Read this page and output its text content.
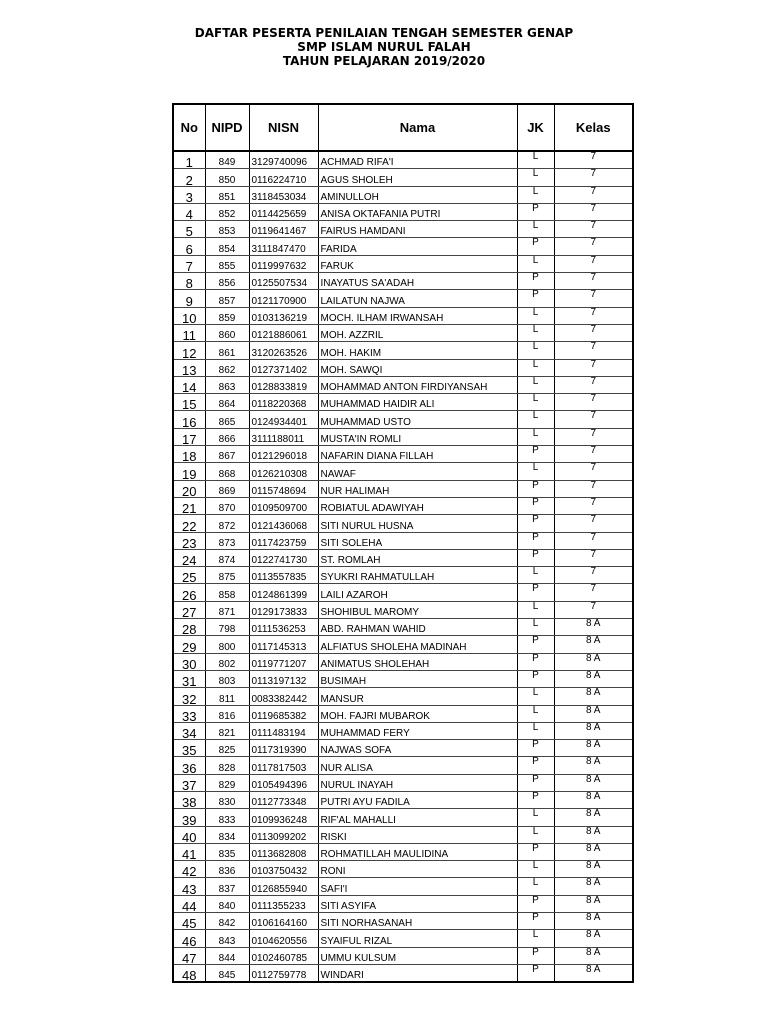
DAFTAR PESERTA PENILAIAN TENGAH SEMESTER GENAP
SMP ISLAM NURUL FALAH
TAHUN PELAJARAN 2019/2020
No	NIPD	NISN	Nama	JK	Kelas
1	849	3129740096	ACHMAD RIFA'I	L	7
2	850	0116224710	AGUS SHOLEH	L	7
3	851	3118453034	AMINULLOH	L	7
4	852	0114425659	ANISA OKTAFANIA PUTRI	P	7
5	853	0119641467	FAIRUS HAMDANI	L	7
6	854	3111847470	FARIDA	P	7
7	855	0119997632	FARUK	L	7
8	856	0125507534	INAYATUS SA'ADAH	P	7
9	857	0121170900	LAILATUN NAJWA	P	7
10	859	0103136219	MOCH. ILHAM IRWANSAH	L	7
11	860	0121886061	MOH. AZZRIL	L	7
12	861	3120263526	MOH. HAKIM	L	7
13	862	0127371402	MOH. SAWQI	L	7
14	863	0128833819	MOHAMMAD ANTON FIRDIYANSAH	L	7
15	864	0118220368	MUHAMMAD HAIDIR ALI	L	7
16	865	0124934401	MUHAMMAD USTO	L	7
17	866	3111188011	MUSTA'IN ROMLI	L	7
18	867	0121296018	NAFARIN DIANA FILLAH	P	7
19	868	0126210308	NAWAF	L	7
20	869	0115748694	NUR HALIMAH	P	7
21	870	0109509700	ROBIATUL ADAWIYAH	P	7
22	872	0121436068	SITI NURUL HUSNA	P	7
23	873	0117423759	SITI SOLEHA	P	7
24	874	0122741730	ST. ROMLAH	P	7
25	875	0113557835	SYUKRI RAHMATULLAH	L	7
26	858	0124861399	LAILI AZAROH	P	7
27	871	0129173833	SHOHIBUL MAROMY	L	7
28	798	0111536253	ABD. RAHMAN WAHID	L	8 A
29	800	0117145313	ALFIATUS SHOLEHA MADINAH	P	8 A
30	802	0119771207	ANIMATUS SHOLEHAH	P	8 A
31	803	0113197132	BUSIMAH	P	8 A
32	811	0083382442	MANSUR	L	8 A
33	816	0119685382	MOH. FAJRI MUBAROK	L	8 A
34	821	0111483194	MUHAMMAD FERY	L	8 A
35	825	0117319390	NAJWAS SOFA	P	8 A
36	828	0117817503	NUR ALISA	P	8 A
37	829	0105494396	NURUL INAYAH	P	8 A
38	830	0112773348	PUTRI AYU FADILA	P	8 A
39	833	0109936248	RIF'AL MAHALLI	L	8 A
40	834	0113099202	RISKI	L	8 A
41	835	0113682808	ROHMATILLAH MAULIDINA	P	8 A
42	836	0103750432	RONI	L	8 A
43	837	0126855940	SAFI'I	L	8 A
44	840	0111355233	SITI ASYIFA	P	8 A
45	842	0106164160	SITI NORHASANAH	P	8 A
46	843	0104620556	SYAIFUL RIZAL	L	8 A
47	844	0102460785	UMMU KULSUM	P	8 A
48	845	0112759778	WINDARI	P	8 A
